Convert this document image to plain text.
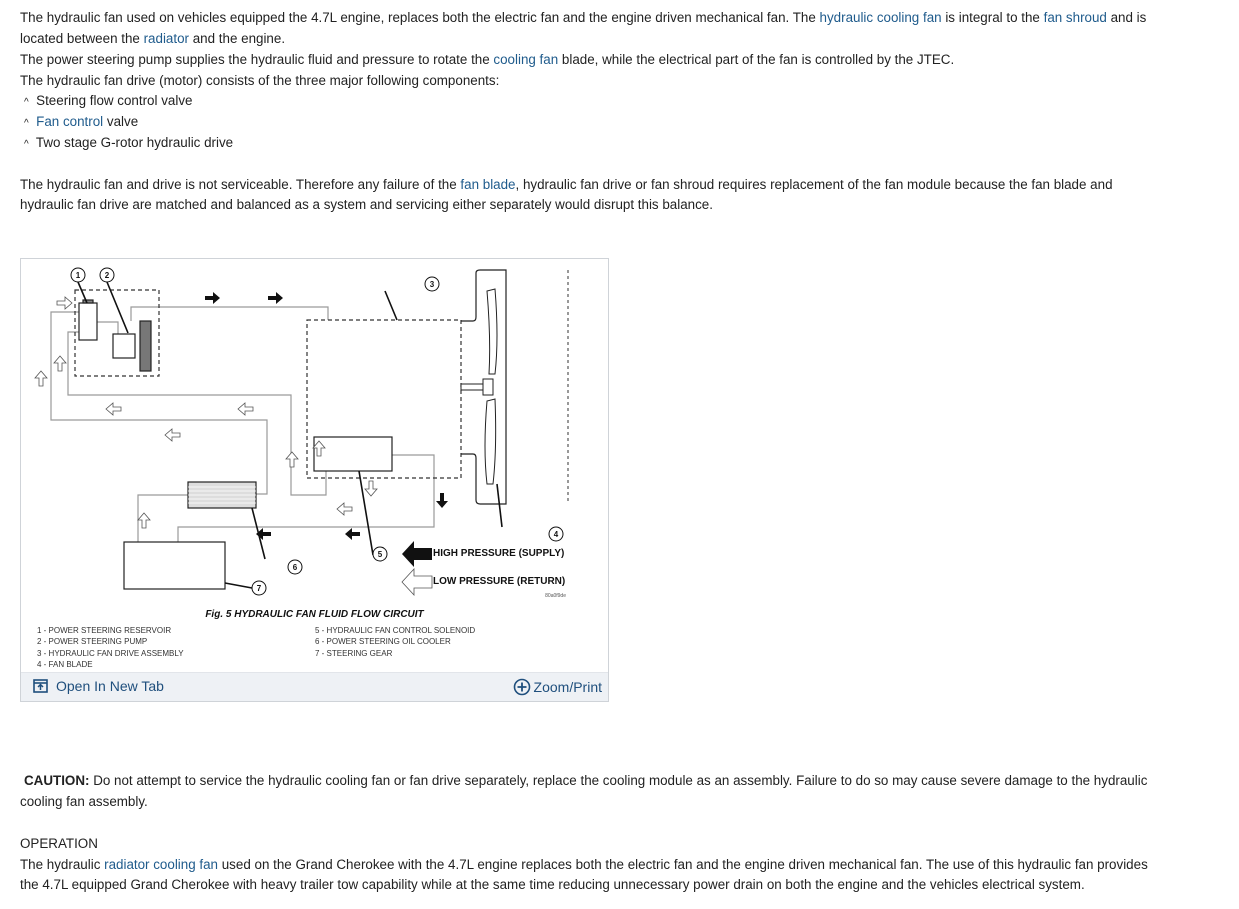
The hydraulic fan used on vehicles equipped the 4.7L engine, replaces both the electric fan and the engine driven mechanical fan. The hydraulic cooling fan is integral to the fan shroud and is
located between the radiator and the engine.
The power steering pump supplies the hydraulic fluid and pressure to rotate the cooling fan blade, while the electrical part of the fan is controlled by the JTEC.
The hydraulic fan drive (motor) consists of the three major following components:
^ Steering flow control valve
^ Fan control valve
^ Two stage G-rotor hydraulic drive
The hydraulic fan and drive is not serviceable. Therefore any failure of the fan blade, hydraulic fan drive or fan shroud requires replacement of the fan module because the fan blade and
hydraulic fan drive are matched and balanced as a system and servicing either separately would disrupt this balance.
1	2
3
4
5
6
7
80a0f9de
HIGH PRESSURE (SUPPLY)
LOW PRESSURE (RETURN)
Fig. 5 HYDRAULIC FAN FLUID FLOW CIRCUIT
1 - POWER STEERING RESERVOIR
2 - POWER STEERING PUMP
3 - HYDRAULIC FAN DRIVE ASSEMBLY
4 - FAN BLADE
5 - HYDRAULIC FAN CONTROL SOLENOID
6 - POWER STEERING OIL COOLER
7 - STEERING GEAR
Open In New Tab	Zoom/Print
CAUTION: Do not attempt to service the hydraulic cooling fan or fan drive separately, replace the cooling module as an assembly. Failure to do so may cause severe damage to the hydraulic
cooling fan assembly.
OPERATION
The hydraulic radiator cooling fan used on the Grand Cherokee with the 4.7L engine replaces both the electric fan and the engine driven mechanical fan. The use of this hydraulic fan provides
the 4.7L equipped Grand Cherokee with heavy trailer tow capability while at the same time reducing unnecessary power drain on both the engine and the vehicles electrical system.
